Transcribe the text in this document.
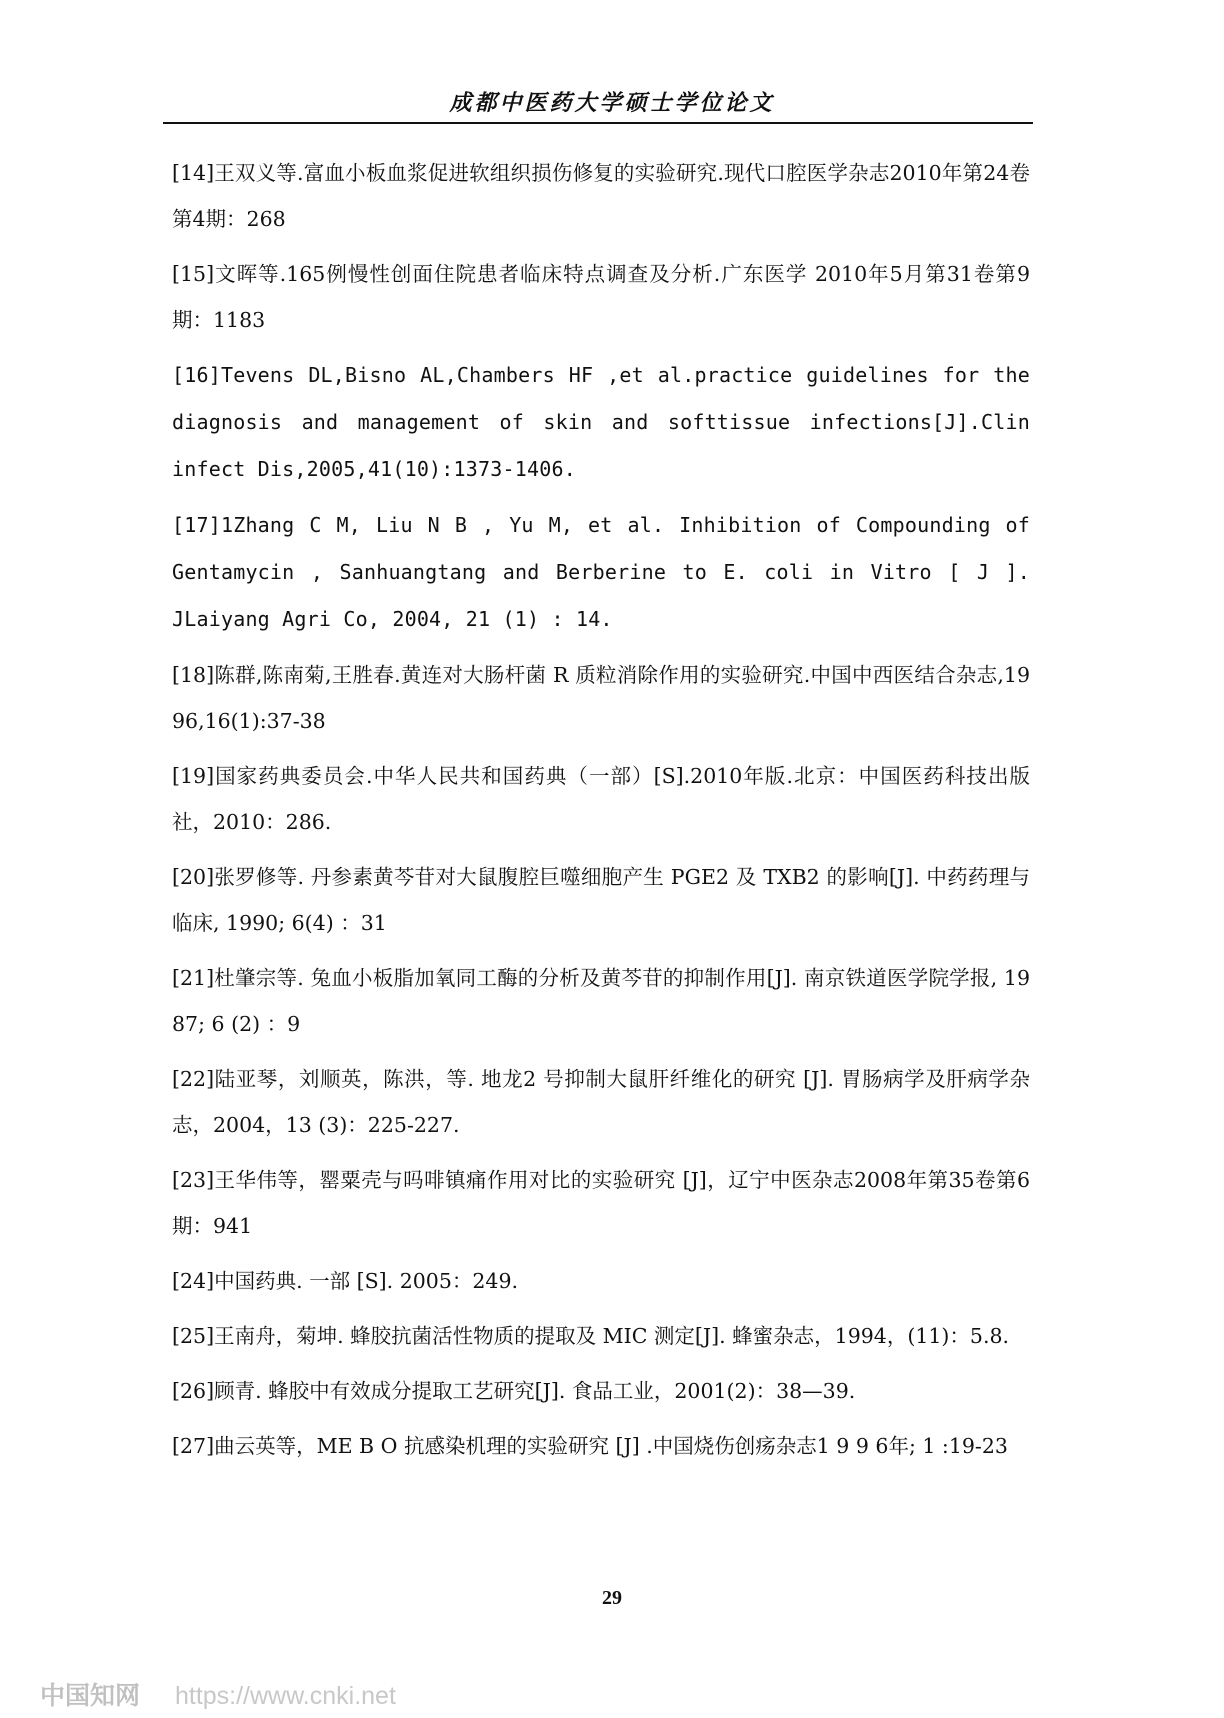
成都中医药大学硕士学位论文

[14]王双义等.富血小板血浆促进软组织损伤修复的实验研究.现代口腔医学杂志2010年第24卷第4期：268

[15]文晖等.165例慢性创面住院患者临床特点调查及分析.广东医学 2010年5月第31卷第9期：1183

[16]Tevens DL,Bisno AL,Chambers HF ,et al.practice guidelines for the diagnosis and management of skin and softtissue infections[J].Clin infect Dis,2005,41(10):1373-1406.

[17]1Zhang C M, Liu N B , Yu M, et al. Inhibition of Compounding of Gentamycin , Sanhuangtang and Berberine to E. coli in Vitro [ J ]. JLaiyang Agri Co, 2004, 21 (1) : 14.

[18]陈群,陈南菊,王胜春.黄连对大肠杆菌 R 质粒消除作用的实验研究.中国中西医结合杂志,1996,16(1):37-38

[19]国家药典委员会.中华人民共和国药典（一部）[S].2010年版.北京：中国医药科技出版社，2010：286.

[20]张罗修等. 丹参素黄芩苷对大鼠腹腔巨噬细胞产生 PGE2 及 TXB2 的影响[J]. 中药药理与临床, 1990; 6(4) ：31

[21]杜肇宗等. 兔血小板脂加氧同工酶的分析及黄芩苷的抑制作用[J]. 南京铁道医学院学报, 1987; 6 (2) ：9

[22]陆亚琴，刘顺英，陈洪，等. 地龙2 号抑制大鼠肝纤维化的研究 [J]. 胃肠病学及肝病学杂志，2004，13 (3)：225-227.

[23]王华伟等，罂粟壳与吗啡镇痛作用对比的实验研究 [J]，辽宁中医杂志2008年第35卷第6期：941

[24]中国药典. 一部 [S]. 2005：249.

[25]王南舟，菊坤. 蜂胶抗菌活性物质的提取及 MIC 测定[J]. 蜂蜜杂志，1994，(11)：5.8.

[26]顾青. 蜂胶中有效成分提取工艺研究[J]. 食品工业，2001(2)：38—39.

[27]曲云英等，ME B O 抗感染机理的实验研究 [J] .中国烧伤创疡杂志1 9 9 6年; 1 :19-23

29
中国知网 https://www.cnki.net
